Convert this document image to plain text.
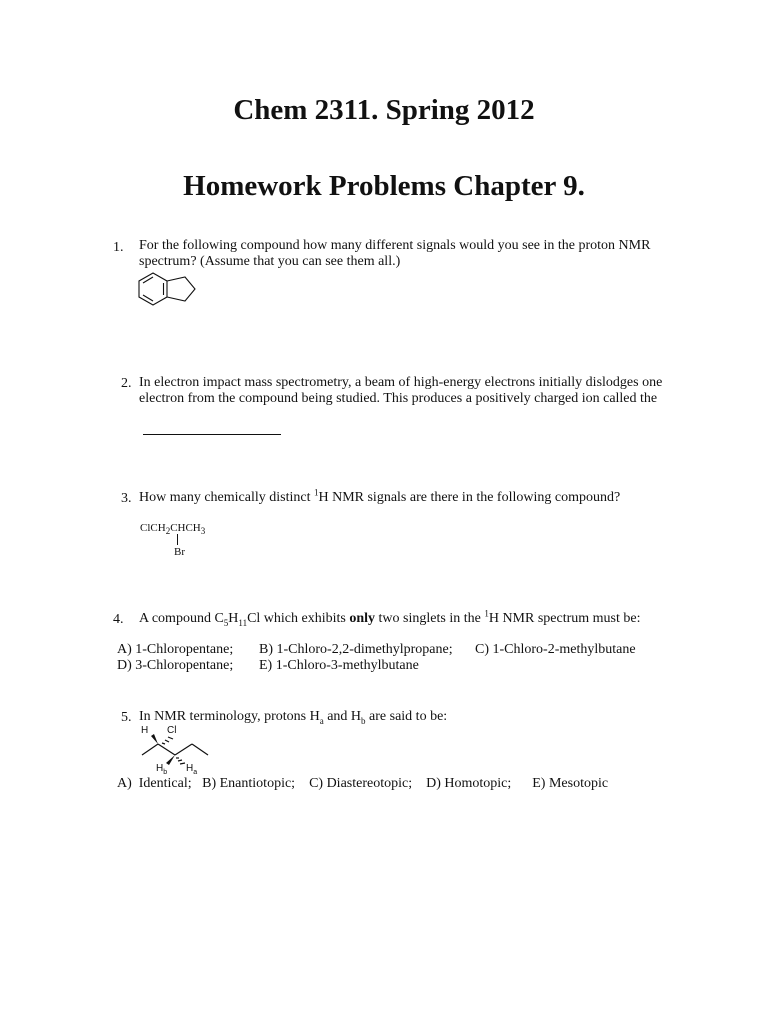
Chem 2311. Spring 2012
Homework Problems Chapter 9.
1. For the following compound how many different signals would you see in the proton NMR
spectrum? (Assume that you can see them all.)
2. In electron impact mass spectrometry, a beam of high-energy electrons initially dislodges one
electron from the compound being studied. This produces a positively charged ion called the
3. How many chemically distinct $^1$H NMR signals are there in the following compound?
$ClCH_2CHCH_3$
Br
4. A compound $C_5H_{11}Cl$ which exhibits only two singlets in the $^1$H NMR spectrum must be:
A) 1-Chloropentane; B) 1-Chloro-2,2-dimethylpropane; C) 1-Chloro-2-methylbutane
D) 3-Chloropentane; E) 1-Chloro-3-methylbutane
5. In NMR terminology, protons $H_a$ and $H_b$ are said to be:
H Cl
$H_b$ $H_a$
A)  Identical;   B) Enantiotopic;    C) Diastereotopic;    D) Homotopic;      E) Mesotopic
